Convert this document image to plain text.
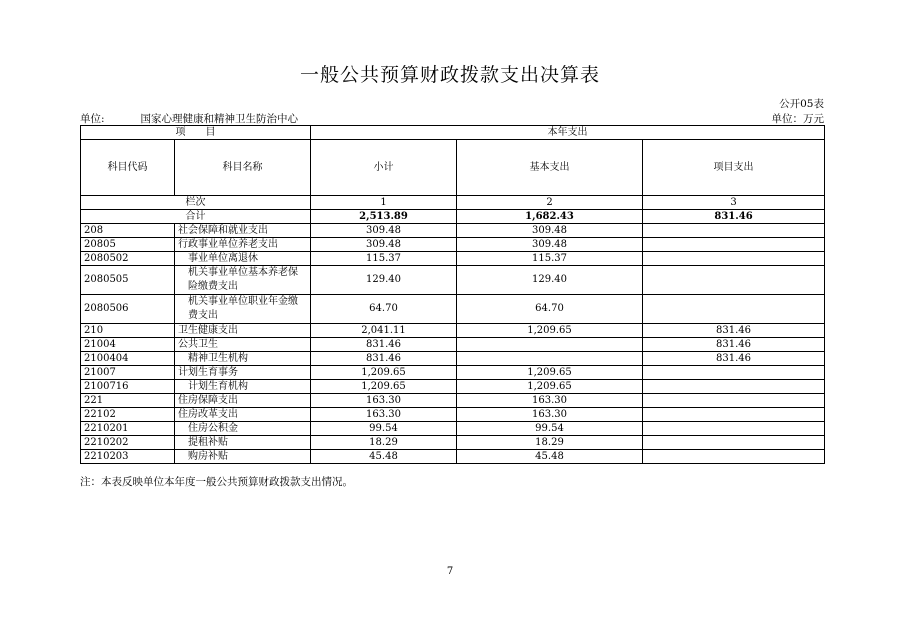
一般公共预算财政拨款支出决算表
公开05表
单位:	国家心理健康和精神卫生防治中心	单位：万元
项　　目		本年支出		
科目代码	科目名称	小计	基本支出	项目支出
栏次		1	2	3
合计		2,513.89	1,682.43	831.46
208	社会保障和就业支出	309.48	309.48	
20805	行政事业单位养老支出	309.48	309.48	
2080502	事业单位离退休	115.37	115.37	
2080505	机关事业单位基本养老保险缴费支出	129.40	129.40	
2080506	机关事业单位职业年金缴费支出	64.70	64.70	
210	卫生健康支出	2,041.11	1,209.65	831.46
21004	公共卫生	831.46		831.46
2100404	精神卫生机构	831.46		831.46
21007	计划生育事务	1,209.65	1,209.65	
2100716	计划生育机构	1,209.65	1,209.65	
221	住房保障支出	163.30	163.30	
22102	住房改革支出	163.30	163.30	
2210201	住房公积金	99.54	99.54	
2210202	提租补贴	18.29	18.29	
2210203	购房补贴	45.48	45.48	
注：本表反映单位本年度一般公共预算财政拨款支出情况。
7
